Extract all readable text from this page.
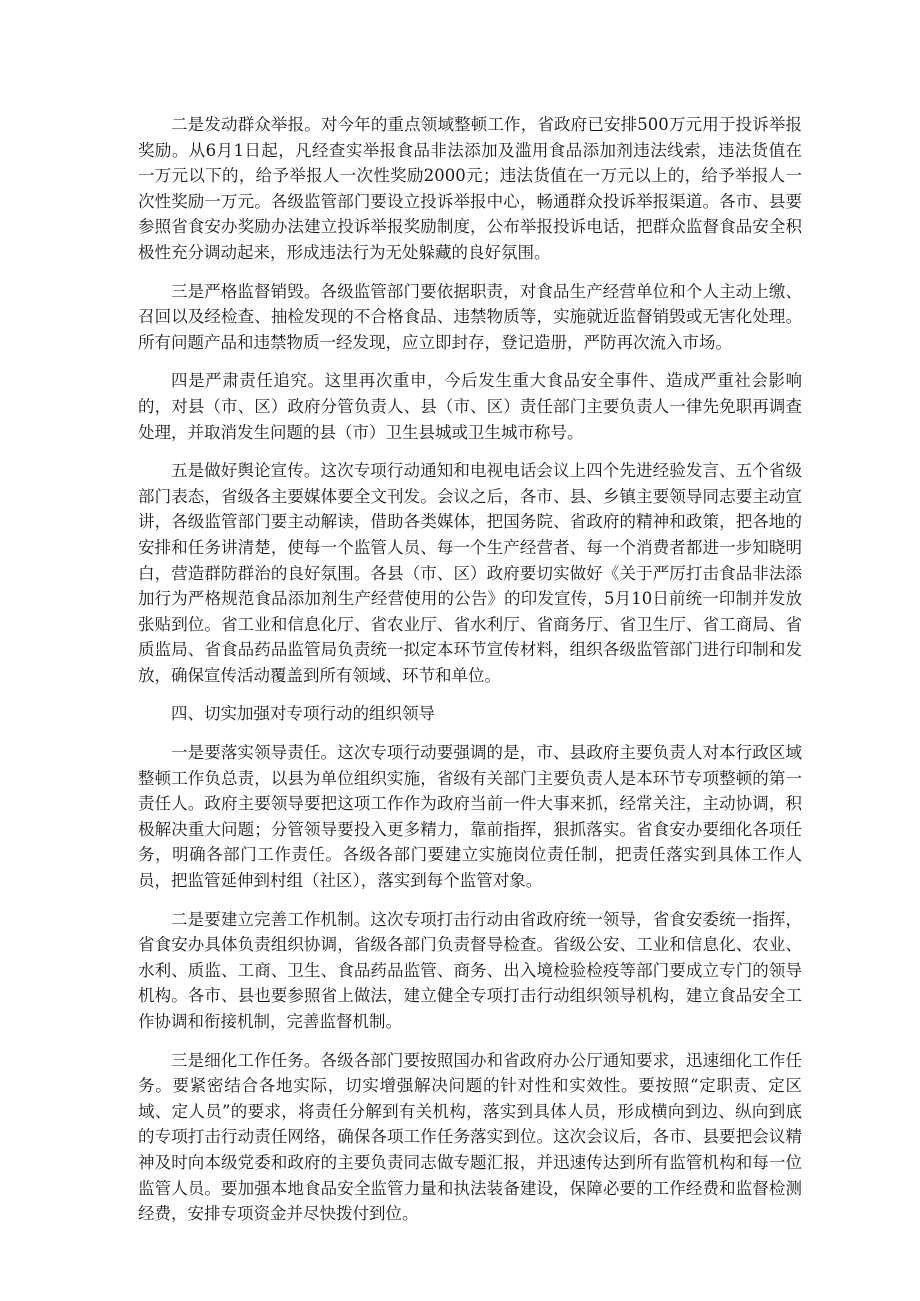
二是发动群众举报。对今年的重点领域整顿工作，省政府已安排500万元用于投诉举报奖励。从6月1日起，凡经查实举报食品非法添加及滥用食品添加剂违法线索，违法货值在一万元以下的，给予举报人一次性奖励2000元；违法货值在一万元以上的，给予举报人一次性奖励一万元。各级监管部门要设立投诉举报中心，畅通群众投诉举报渠道。各市、县要参照省食安办奖励办法建立投诉举报奖励制度，公布举报投诉电话，把群众监督食品安全积极性充分调动起来，形成违法行为无处躲藏的良好氛围。

三是严格监督销毁。各级监管部门要依据职责，对食品生产经营单位和个人主动上缴、召回以及经检查、抽检发现的不合格食品、违禁物质等，实施就近监督销毁或无害化处理。所有问题产品和违禁物质一经发现，应立即封存，登记造册，严防再次流入市场。

四是严肃责任追究。这里再次重申，今后发生重大食品安全事件、造成严重社会影响的，对县（市、区）政府分管负责人、县（市、区）责任部门主要负责人一律先免职再调查处理，并取消发生问题的县（市）卫生县城或卫生城市称号。

五是做好舆论宣传。这次专项行动通知和电视电话会议上四个先进经验发言、五个省级部门表态，省级各主要媒体要全文刊发。会议之后，各市、县、乡镇主要领导同志要主动宣讲，各级监管部门要主动解读，借助各类媒体，把国务院、省政府的精神和政策，把各地的安排和任务讲清楚，使每一个监管人员、每一个生产经营者、每一个消费者都进一步知晓明白，营造群防群治的良好氛围。各县（市、区）政府要切实做好《关于严厉打击食品非法添加行为严格规范食品添加剂生产经营使用的公告》的印发宣传，5月10日前统一印制并发放张贴到位。省工业和信息化厅、省农业厅、省水利厅、省商务厅、省卫生厅、省工商局、省质监局、省食品药品监管局负责统一拟定本环节宣传材料，组织各级监管部门进行印制和发放，确保宣传活动覆盖到所有领域、环节和单位。

四、切实加强对专项行动的组织领导

一是要落实领导责任。这次专项行动要强调的是，市、县政府主要负责人对本行政区域整顿工作负总责，以县为单位组织实施，省级有关部门主要负责人是本环节专项整顿的第一责任人。政府主要领导要把这项工作作为政府当前一件大事来抓，经常关注，主动协调，积极解决重大问题；分管领导要投入更多精力，靠前指挥，狠抓落实。省食安办要细化各项任务，明确各部门工作责任。各级各部门要建立实施岗位责任制，把责任落实到具体工作人员，把监管延伸到村组（社区），落实到每个监管对象。

二是要建立完善工作机制。这次专项打击行动由省政府统一领导，省食安委统一指挥，省食安办具体负责组织协调，省级各部门负责督导检查。省级公安、工业和信息化、农业、水利、质监、工商、卫生、食品药品监管、商务、出入境检验检疫等部门要成立专门的领导机构。各市、县也要参照省上做法，建立健全专项打击行动组织领导机构，建立食品安全工作协调和衔接机制，完善监督机制。

三是细化工作任务。各级各部门要按照国办和省政府办公厅通知要求，迅速细化工作任务。要紧密结合各地实际，切实增强解决问题的针对性和实效性。要按照“定职责、定区域、定人员”的要求，将责任分解到有关机构，落实到具体人员，形成横向到边、纵向到底的专项打击行动责任网络，确保各项工作任务落实到位。这次会议后，各市、县要把会议精神及时向本级党委和政府的主要负责同志做专题汇报，并迅速传达到所有监管机构和每一位监管人员。要加强本地食品安全监管力量和执法装备建设，保障必要的工作经费和监督检测经费，安排专项资金并尽快拨付到位。
